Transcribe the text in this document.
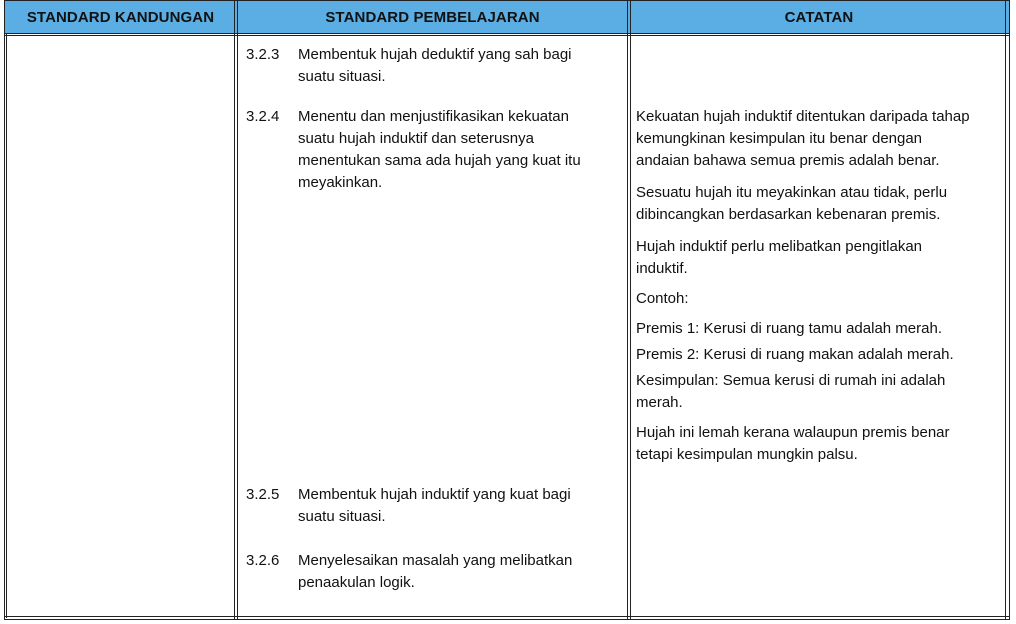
STANDARD KANDUNGAN	STANDARD PEMBELAJARAN	CATATAN
3.2.3 Membentuk hujah deduktif yang sah bagi
suatu situasi.
3.2.4 Menentu dan menjustifikasikan kekuatan
suatu hujah induktif dan seterusnya
menentukan sama ada hujah yang kuat itu
meyakinkan.
3.2.5 Membentuk hujah induktif yang kuat bagi
suatu situasi.
3.2.6 Menyelesaikan masalah yang melibatkan
penaakulan logik.
Kekuatan hujah induktif ditentukan daripada tahap
kemungkinan kesimpulan itu benar dengan
andaian bahawa semua premis adalah benar.
Sesuatu hujah itu meyakinkan atau tidak, perlu
dibincangkan berdasarkan kebenaran premis.
Hujah induktif perlu melibatkan pengitlakan
induktif.
Contoh:
Premis 1: Kerusi di ruang tamu adalah merah.
Premis 2: Kerusi di ruang makan adalah merah.
Kesimpulan: Semua kerusi di rumah ini adalah
merah.
Hujah ini lemah kerana walaupun premis benar
tetapi kesimpulan mungkin palsu.
